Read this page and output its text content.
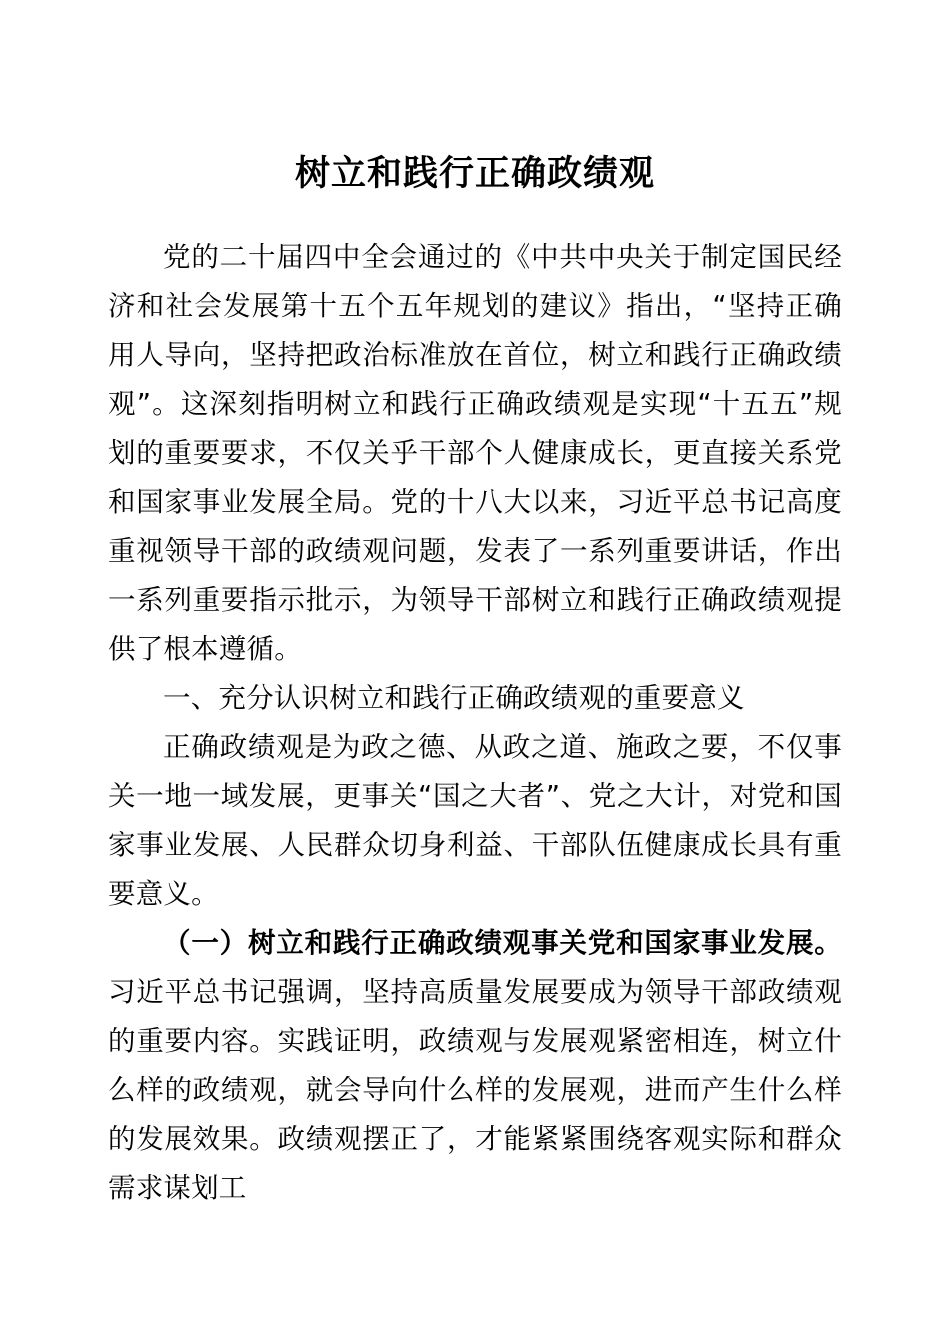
树立和践行正确政绩观

党的二十届四中全会通过的《中共中央关于制定国民经济和社会发展第十五个五年规划的建议》指出，“坚持正确用人导向，坚持把政治标准放在首位，树立和践行正确政绩观”。这深刻指明树立和践行正确政绩观是实现“十五五”规划的重要要求，不仅关乎干部个人健康成长，更直接关系党和国家事业发展全局。党的十八大以来，习近平总书记高度重视领导干部的政绩观问题，发表了一系列重要讲话，作出一系列重要指示批示，为领导干部树立和践行正确政绩观提供了根本遵循。

一、充分认识树立和践行正确政绩观的重要意义

正确政绩观是为政之德、从政之道、施政之要，不仅事关一地一域发展，更事关“国之大者”、党之大计，对党和国家事业发展、人民群众切身利益、干部队伍健康成长具有重要意义。

（一）树立和践行正确政绩观事关党和国家事业发展。习近平总书记强调，坚持高质量发展要成为领导干部政绩观的重要内容。实践证明，政绩观与发展观紧密相连，树立什么样的政绩观，就会导向什么样的发展观，进而产生什么样的发展效果。政绩观摆正了，才能紧紧围绕客观实际和群众需求谋划工
